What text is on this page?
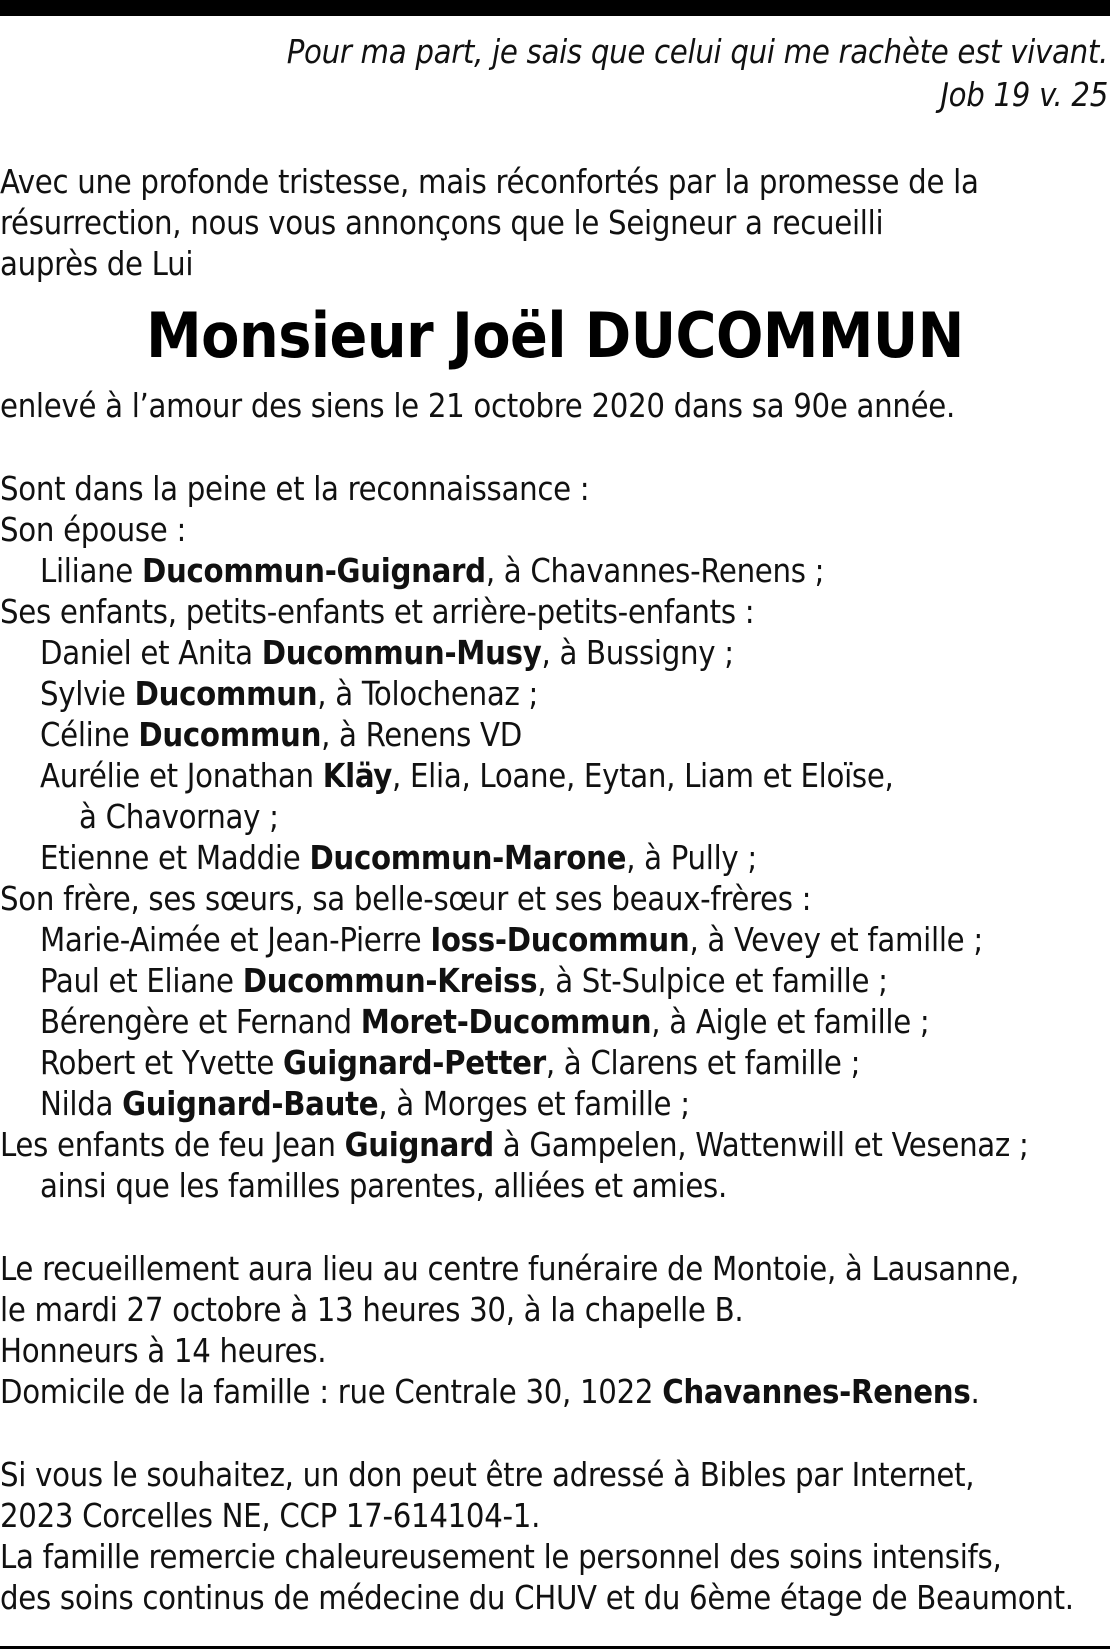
Pour ma part, je sais que celui qui me rachète est vivant.
Job 19 v. 25
Avec une profonde tristesse, mais réconfortés par la promesse de la
résurrection, nous vous annonçons que le Seigneur a recueilli
auprès de Lui
Monsieur Joël DUCOMMUN
enlevé à l’amour des siens le 21 octobre 2020 dans sa 90e année.
Sont dans la peine et la reconnaissance :
Son épouse :
Liliane Ducommun-Guignard, à Chavannes-Renens ;
Ses enfants, petits-enfants et arrière-petits-enfants :
Daniel et Anita Ducommun-Musy, à Bussigny ;
Sylvie Ducommun, à Tolochenaz ;
Céline Ducommun, à Renens VD
Aurélie et Jonathan Kläy, Elia, Loane, Eytan, Liam et Eloïse,
à Chavornay ;
Etienne et Maddie Ducommun-Marone, à Pully ;
Son frère, ses sœurs, sa belle-sœur et ses beaux-frères :
Marie-Aimée et Jean-Pierre Ioss-Ducommun, à Vevey et famille ;
Paul et Eliane Ducommun-Kreiss, à St-Sulpice et famille ;
Bérengère et Fernand Moret-Ducommun, à Aigle et famille ;
Robert et Yvette Guignard-Petter, à Clarens et famille ;
Nilda Guignard-Baute, à Morges et famille ;
Les enfants de feu Jean Guignard à Gampelen, Wattenwill et Vesenaz ;
ainsi que les familles parentes, alliées et amies.
Le recueillement aura lieu au centre funéraire de Montoie, à Lausanne,
le mardi 27 octobre à 13 heures 30, à la chapelle B.
Honneurs à 14 heures.
Domicile de la famille : rue Centrale 30, 1022 Chavannes-Renens.
Si vous le souhaitez, un don peut être adressé à Bibles par Internet,
2023 Corcelles NE, CCP 17-614104-1.
La famille remercie chaleureusement le personnel des soins intensifs,
des soins continus de médecine du CHUV et du 6ème étage de Beaumont.
